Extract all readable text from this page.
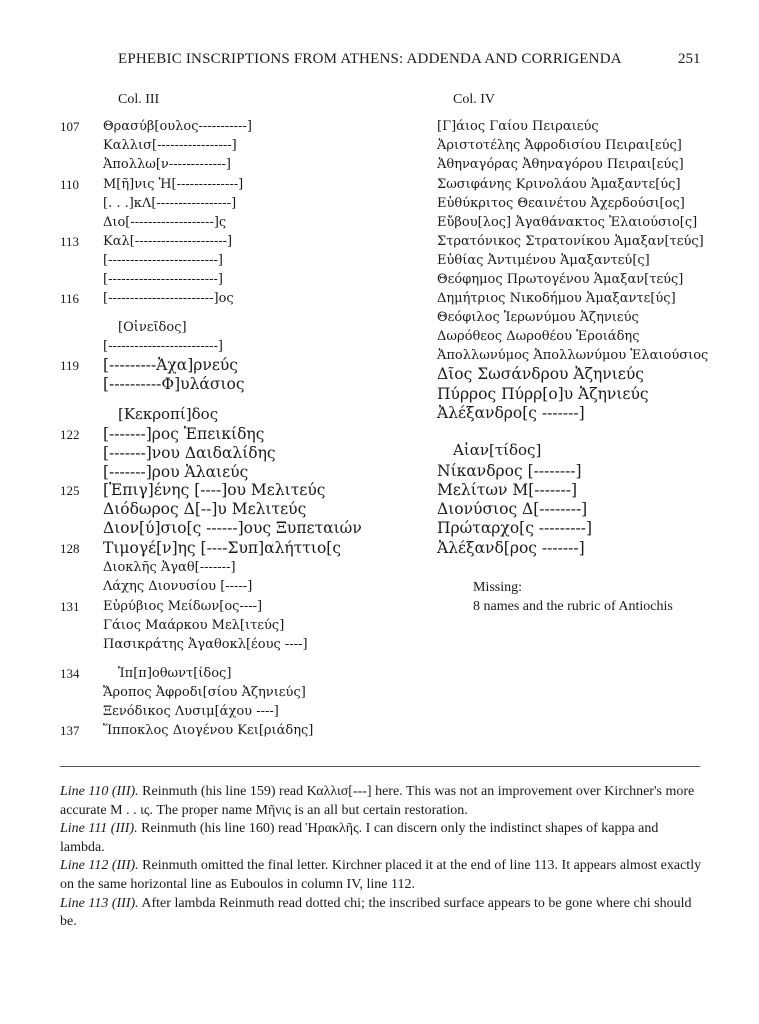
EPHEBIC INSCRIPTIONS FROM ATHENS: ADDENDA AND CORRIGENDA	251
Col. III
107
110
113
116
119
122
125
128
131
134
137
Θρασύβ[ουλος-----------]
Καλλισ[-----------------]
Ἀπολλω[ν-------------]
Μ[ῆ]νις Ἡ[--------------]
[. . .]κΛ[-----------------]
Διο[-------------------]ς
Καλ[---------------------]
[-------------------------]
[-------------------------]
[------------------------]ος
[Οἰνεῖδος]
[-------------------------]
[---------Ἀχα]ρνεύς
[----------Φ]υλάσιος
[Κεκροπί]δος
[-------]ρος Ἐπεικίδης
[-------]νου Δαιδαλίδης
[-------]ρου Ἁλαιεύς
[Ἐπιγ]ένης [----]ου Μελιτεύς
Διόδωρος Δ[--]υ Μελιτεύς
Διον[ύ]σιο[ς ------]ους Ξυπεταιών
Τιμογέ[ν]ης [----Συπ]αλήττιο[ς
Διοκλῆς Ἀγαθ[-------]
Λάχης Διονυσίου [-----]
Εὐρύβιος Μείδων[ος----]
Γάιος Μαάρκου Μελ[ιτεύς]
Πασικράτης Ἀγαθοκλ[έους ----]
Ἱπ[π]οθωντ[ίδος]
Ἄροπος Ἀφροδι[σίου Ἀζηνιεύς]
Ξενόδικος Λυσιμ[άχου ----]
Ἵπποκλος Διογένου Κει[ριάδης]
Col. IV
[Γ]άιος Γαίου Πειραιεύς
Ἀριστοτέλης Ἀφροδισίου Πειραι[εύς]
Ἀθηναγόρας Ἀθηναγόρου Πειραι[εύς]
Σωσιφάνης Κρινολάου Ἁμαξαντε[ύς]
Εὐθύκριτος Θεαινέτου Ἀχερδούσι[ος]
Εὔβου[λος] Ἀγαθάνακτος Ἐλαιούσιο[ς]
Στρατόνικος Στρατονίκου Ἁμαξαν[τεύς]
Εὐθίας Ἀντιμένου Ἁμαξαντεύ[ς]
Θεόφημος Πρωτογένου Ἁμαξαν[τεύς]
Δημήτριος Νικοδήμου Ἁμαξαντε[ύς]
Θεόφιλος Ἱερωνύμου Ἀζηνιεύς
Δωρόθεος Δωροθέου Ἐροιάδης
Ἀπολλωνύμος Ἀπολλωνύμου Ἐλαιούσιος
Δῖος Σωσάνδρου Ἀζηνιεύς
Πύρρος Πύρρ[ο]υ Ἀζηνιεύς
Ἀλέξανδρο[ς -------]
Αἰαν[τίδος]
Νίκανδρος [--------]
Μελίτων Μ[-------]
Διονύσιος Δ[--------]
Πρώταρχο[ς ---------]
Ἀλέξανδ[ρος -------]
Missing:
8 names and the rubric of Antiochis

Line 110 (III). Reinmuth (his line 159) read Καλλισ[---] here. This was not an improvement over Kirchner's more accurate M . . ις. The proper name Μῆνις is an all but certain restoration.

Line 111 (III). Reinmuth (his line 160) read Ἡρακλῆς. I can discern only the indistinct shapes of kappa and lambda.

Line 112 (III). Reinmuth omitted the final letter. Kirchner placed it at the end of line 113. It appears almost exactly on the same horizontal line as Euboulos in column IV, line 112.

Line 113 (III). After lambda Reinmuth read dotted chi; the inscribed surface appears to be gone where chi should be.
